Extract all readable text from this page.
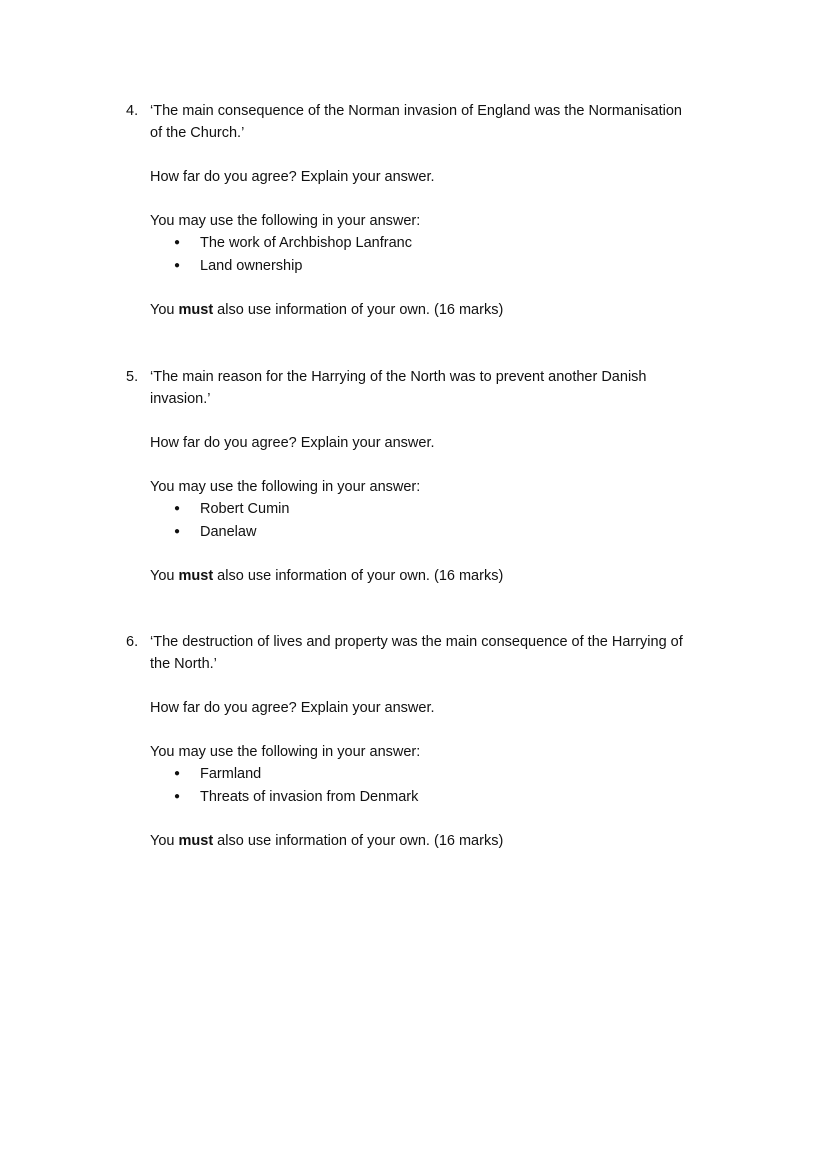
4. ‘The main consequence of the Norman invasion of England was the Normanisation
of the Church.’
How far do you agree? Explain your answer.
You may use the following in your answer:
● The work of Archbishop Lanfranc
● Land ownership
You must also use information of your own. (16 marks)
5. ‘The main reason for the Harrying of the North was to prevent another Danish
invasion.’
How far do you agree? Explain your answer.
You may use the following in your answer:
● Robert Cumin
● Danelaw
You must also use information of your own. (16 marks)
6. ‘The destruction of lives and property was the main consequence of the Harrying of
the North.’
How far do you agree? Explain your answer.
You may use the following in your answer:
● Farmland
● Threats of invasion from Denmark
You must also use information of your own. (16 marks)
